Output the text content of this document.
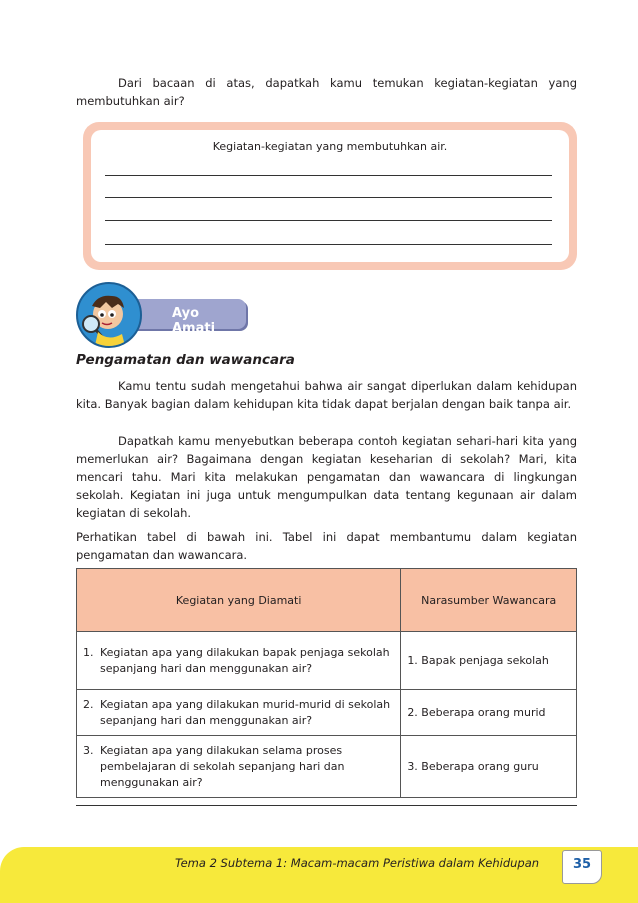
Dari bacaan di atas, dapatkah kamu temukan kegiatan-kegiatan yang membutuhkan air?
Kegiatan-kegiatan yang membutuhkan air.
Ayo Amati
Pengamatan dan wawancara

Kamu tentu sudah mengetahui bahwa air sangat diperlukan dalam kehidupan kita. Banyak bagian dalam kehidupan kita tidak dapat berjalan dengan baik tanpa air.

Dapatkah kamu menyebutkan beberapa contoh kegiatan sehari-hari kita yang memerlukan air? Bagaimana dengan kegiatan keseharian di sekolah? Mari, kita mencari tahu. Mari kita melakukan pengamatan dan wawancara di lingkungan sekolah. Kegiatan ini juga untuk mengumpulkan data tentang kegunaan air dalam kegiatan di sekolah.

Perhatikan tabel di bawah ini. Tabel ini dapat membantumu dalam kegiatan pengamatan dan wawancara.

Kegiatan yang Diamati	Narasumber Wawancara

1. Kegiatan apa yang dilakukan bapak penjaga sekolah sepanjang hari dan menggunakan air?	1. Bapak penjaga sekolah

2. Kegiatan apa yang dilakukan murid-murid di sekolah sepanjang hari dan menggunakan air?	2. Beberapa orang murid

3. Kegiatan apa yang dilakukan selama proses pembelajaran di sekolah sepanjang hari dan menggunakan air?	3. Beberapa orang guru
Tema 2 Subtema 1: Macam-macam Peristiwa dalam Kehidupan	35
